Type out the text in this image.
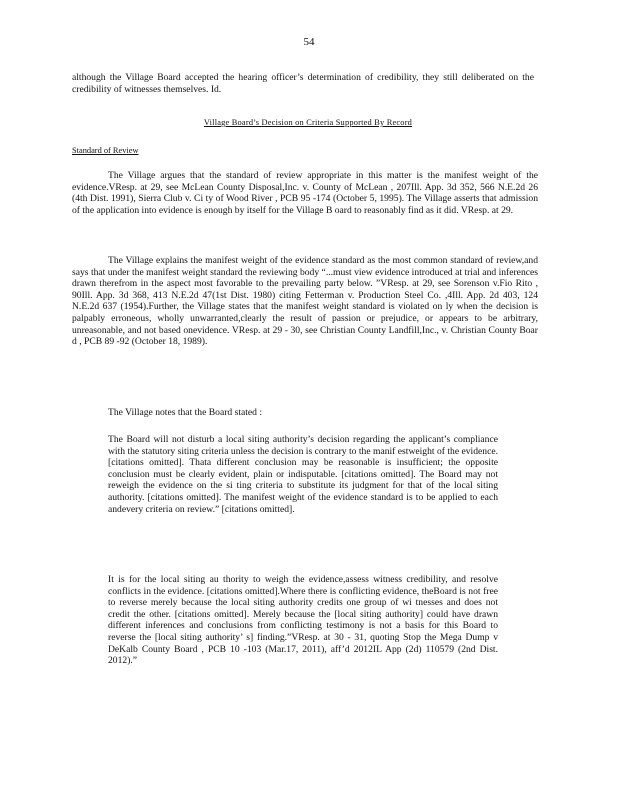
54
although the Village Board accepted the hearing officer’s determination of credibility, they still deliberated on the credibility of witnesses themselves. Id.
Village Board’s Decision on Criteria Supported By Record
Standard of Review
The Village argues that the standard of review appropriate in this matter is the manifest weight of the evidence.VResp. at 29, see McLean County Disposal,Inc. v. County of McLean , 207Ill. App. 3d 352, 566 N.E.2d 26 (4th Dist. 1991), Sierra Club v. Ci ty of Wood River , PCB 95 -174 (October 5, 1995). The Village asserts that admission of the application into evidence is enough by itself for the Village B oard to reasonably find as it did. VResp. at 29.
The Village explains the manifest weight of the evidence standard as the most common standard of review,and says that under the manifest weight standard the reviewing body “...must view evidence introduced at trial and inferences drawn therefrom in the aspect most favorable to the prevailing party below. ”VResp. at 29, see Sorenson v.Fio Rito , 90Ill. App. 3d 368, 413 N.E.2d 47(1st Dist. 1980) citing Fetterman v. Production Steel Co. ,4Ill. App. 2d 403, 124 N.E.2d 637 (1954).Further, the Village states that the manifest weight standard is violated on ly when the decision is palpably erroneous, wholly unwarranted,clearly the result of passion or prejudice, or appears to be arbitrary, unreasonable, and not based onevidence. VResp. at 29 - 30, see Christian County Landfill,Inc., v. Christian County Boar d , PCB 89 -92 (October 18, 1989).
The Village notes that the Board stated :
The Board will not disturb a local siting authority’s decision regarding the applicant’s compliance with the statutory siting criteria unless the decision is contrary to the manif estweight of the evidence. [citations omitted]. Thata different conclusion may be reasonable is insufficient; the opposite conclusion must be clearly evident, plain or indisputable. [citations omitted]. The Board may not reweigh the evidence on the si ting criteria to substitute its judgment for that of the local siting authority. [citations omitted]. The manifest weight of the evidence standard is to be applied to each andevery criteria on review.” [citations omitted].
It is for the local siting au thority to weigh the evidence,assess witness credibility, and resolve conflicts in the evidence. [citations omitted].Where there is conflicting evidence, theBoard is not free to reverse merely because the local siting authority credits one group of wi tnesses and does not credit the other. [citations omitted]. Merely because the [local siting authority] could have drawn different inferences and conclusions from conflicting testimony is not a basis for this Board to reverse the [local siting authority’ s] finding.”VResp. at 30 - 31, quoting Stop the Mega Dump v DeKalb County Board , PCB 10 -103 (Mar.17, 2011), aff’d 2012IL App (2d) 110579 (2nd Dist. 2012).”
